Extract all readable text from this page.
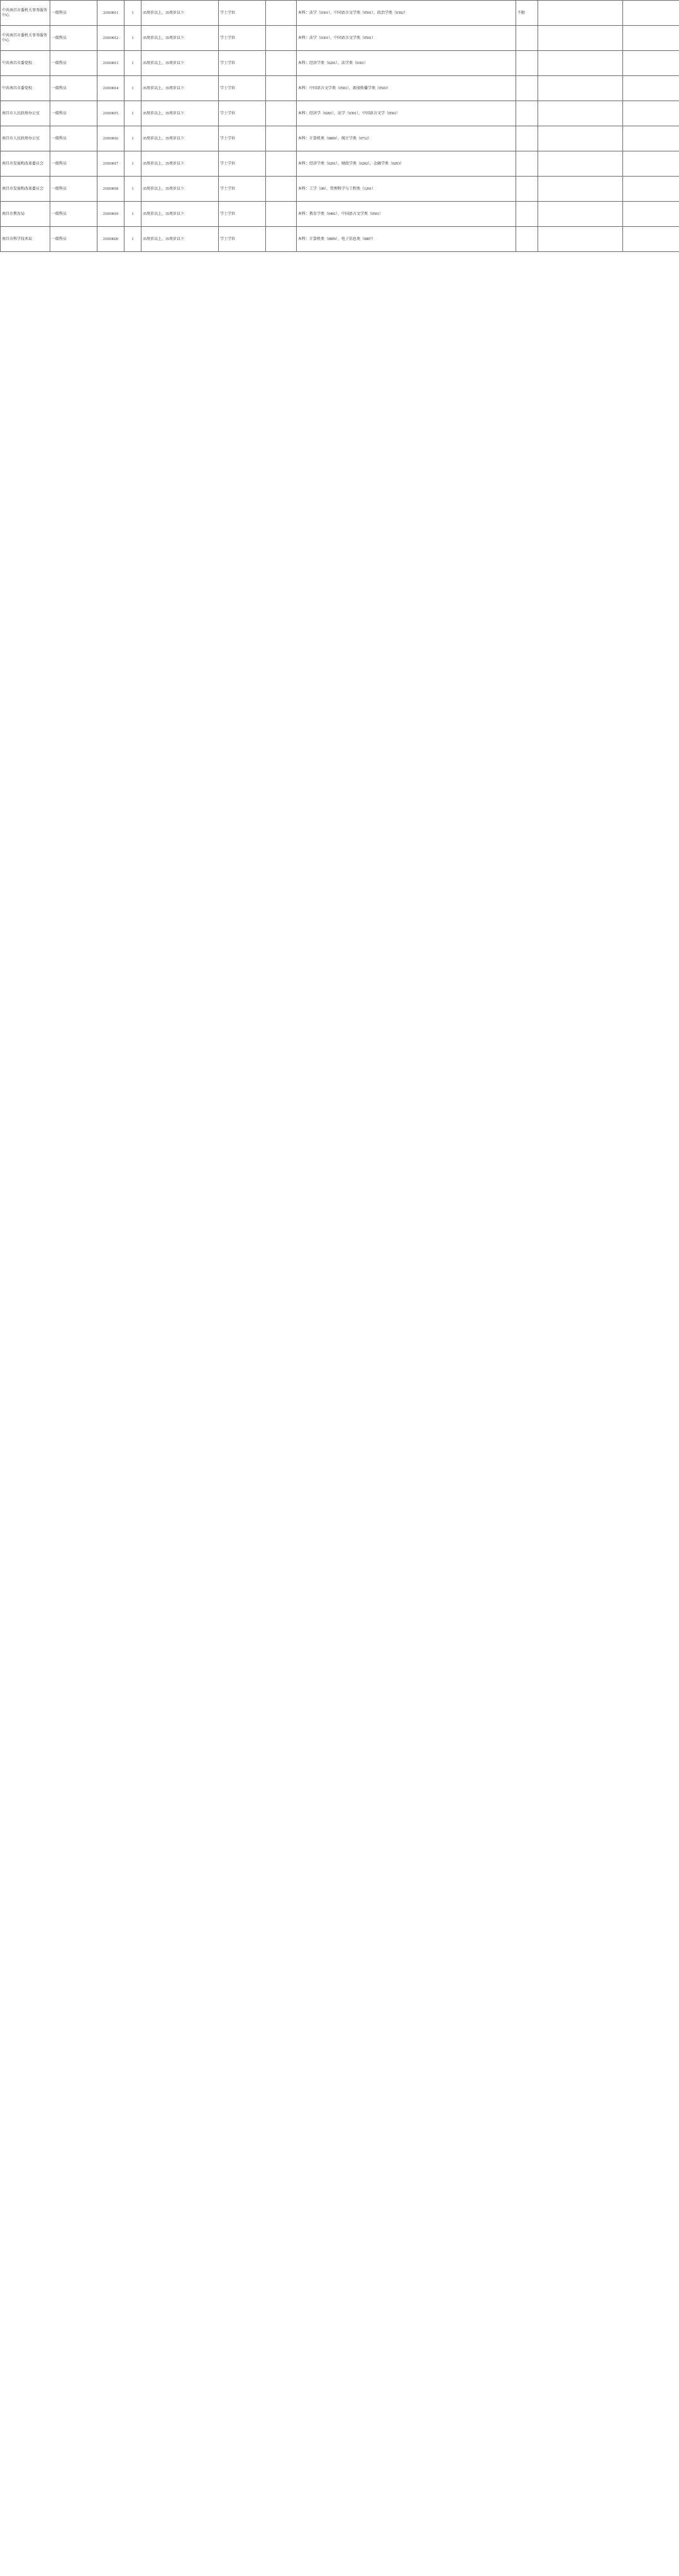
中共南昌市委机关事务服务中心	一级科员	21010011	1	35周岁以上，35周岁以下	学士学位		本科：法学（0301），中国语言文学类（0501），政治学类（0302）	不限		
中共南昌市委机关事务服务中心	一级科员	21010012	1	35周岁以上，35周岁以下	学士学位		本科：法学（0301），中国语言文学类（0501）			
中共南昌市委党校	一级科员	21010013	1	35周岁以上，35周岁以下	学士学位		本科：经济学类（0201），法学类（0301）			
中共南昌市委党校	一级科员	21010014	1	35周岁以上，35周岁以下	学士学位		本科：中国语言文学类（0501），新闻传播学类（0503）			
南昌市人民政府办公室	一级科员	21010015	1	35周岁以上，35周岁以下	学士学位		本科：经济学（0201），法学（0301），中国语言文学（0501）			
南昌市人民政府办公室	一级科员	21010016	1	35周岁以上，35周岁以下	学士学位		本科：计算机类（0809），统计学类（0712）			
南昌市发展和改革委员会	一级科员	21010017	1	35周岁以上，35周岁以下	学士学位		本科：经济学类（0201），财政学类（0202），金融学类（0203）			
南昌市发展和改革委员会	一级科员	21010018	1	35周岁以上，35周岁以下	学士学位		本科：工学（08），管理科学与工程类（1201）			
南昌市教育局	一级科员	21010019	1	35周岁以上，35周岁以下	学士学位		本科：教育学类（0401），中国语言文学类（0501）			
南昌市科学技术局	一级科员	21010020	1	35周岁以上，35周岁以下	学士学位		本科：计算机类（0809），电子信息类（0807）			
